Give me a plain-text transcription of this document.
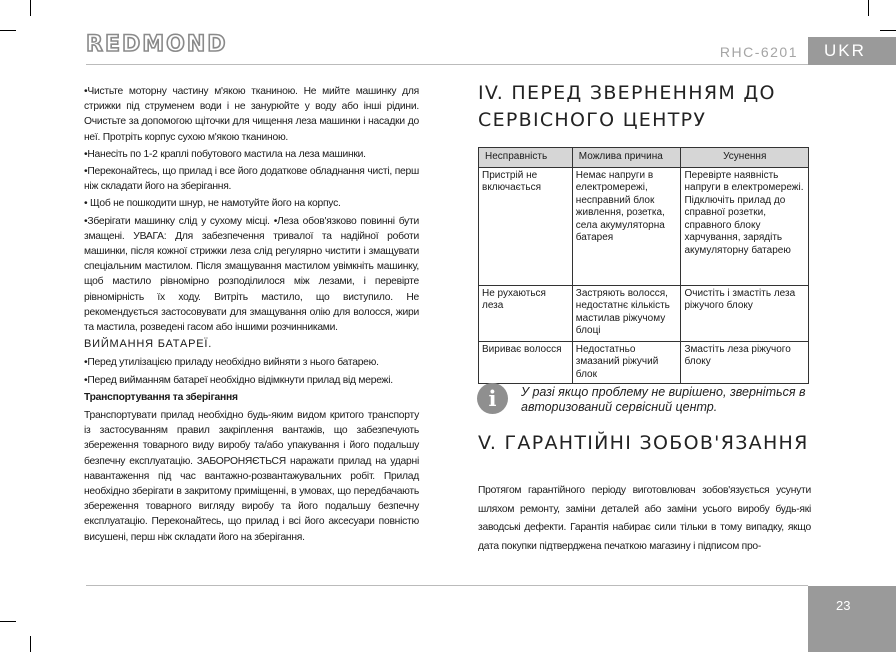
REDMOND	RHC-6201	UKR

•Чистьте моторну частину м'якою тканиною. Не мийте машинку для стрижки під струменем води і не занурюйте у воду або інші рідини. Очистьте за допомогою щіточки для чищення леза машинки і насадки до неї. Протріть корпус сухою м'якою тканиною.

•Нанесіть по 1-2 краплі побутового мастила на леза машинки.

•Переконайтесь, що прилад і все його додаткове обладнання чисті, перш ніж складати його на зберігання.

• Щоб не пошкодити шнур, не намотуйте його на корпус.

•Зберігати машинку слід у сухому місці. •Леза обов'язково повинні бути змащені. УВАГА: Для забезпечення тривалої та надійної роботи машинки, після кожної стрижки леза слід регулярно чистити і змащувати спеціальним мастилом. Після змащування мастилом увімкніть машинку, щоб мастило рівномірно розподілилося між лезами, і перевірте рівномірність їх ходу. Витріть мастило, що виступило. Не рекомендується застосовувати для змащування олію для волосся, жири та мастила, розведені гасом або іншими розчинниками.

ВИЙМАННЯ БАТАРЕЇ.

•Перед утилізацією приладу необхідно вийняти з нього батарею.

•Перед вийманням батареї необхідно відімкнути прилад від мережі.

Транспортування та зберігання

Транспортувати прилад необхідно будь-яким видом критого транспорту із застосуванням правил закріплення вантажів, що забезпечують збереження товарного виду виробу та/або упакування і його подальшу безпечну експлуатацію. ЗАБОРОНЯЄТЬСЯ наражати прилад на ударні навантаження під час вантажно-розвантажувальних робіт. Прилад необхідно зберігати в закритому приміщенні, в умовах, що передбачають збереження товарного вигляду виробу та його подальшу безпечну експлуатацію. Переконайтесь, що прилад і всі його аксесуари повністю висушені, перш ніж складати його на зберігання.

IV. ПЕРЕД ЗВЕРНЕННЯМ ДО СЕРВІСНОГО ЦЕНТРУ
Несправність	Можлива причина	Усунення
Пристрій не включається	Немає напруги в електромережі, несправний блок живлення, розетка, села акумуляторна батарея	Перевірте наявність напруги в електромережі. Підключіть прилад до справної розетки, справного блоку харчування, зарядіть акумуляторну батарею
Не рухаються леза	Застряють волосся, недостатнє кількість мастилав ріжучому блоці	Очистіть і змастіть леза ріжучого блоку
Вириває волосся	Недостатньо змазаний ріжучий блок	Змастіть леза ріжучого блоку
i	У разі якщо проблему не вирішено, зверніться в авторизований сервісний центр.
V. ГАРАНТІЙНІ ЗОБОВ'ЯЗАННЯ
Протягом гарантійного періоду виготовлювач зобов'язується усунути шляхом ремонту, заміни деталей або заміни усього виробу будь-які заводські дефекти. Гарантія набирає сили тільки в тому випадку, якщо дата покупки підтверджена печаткою магазину і підписом про-
23
